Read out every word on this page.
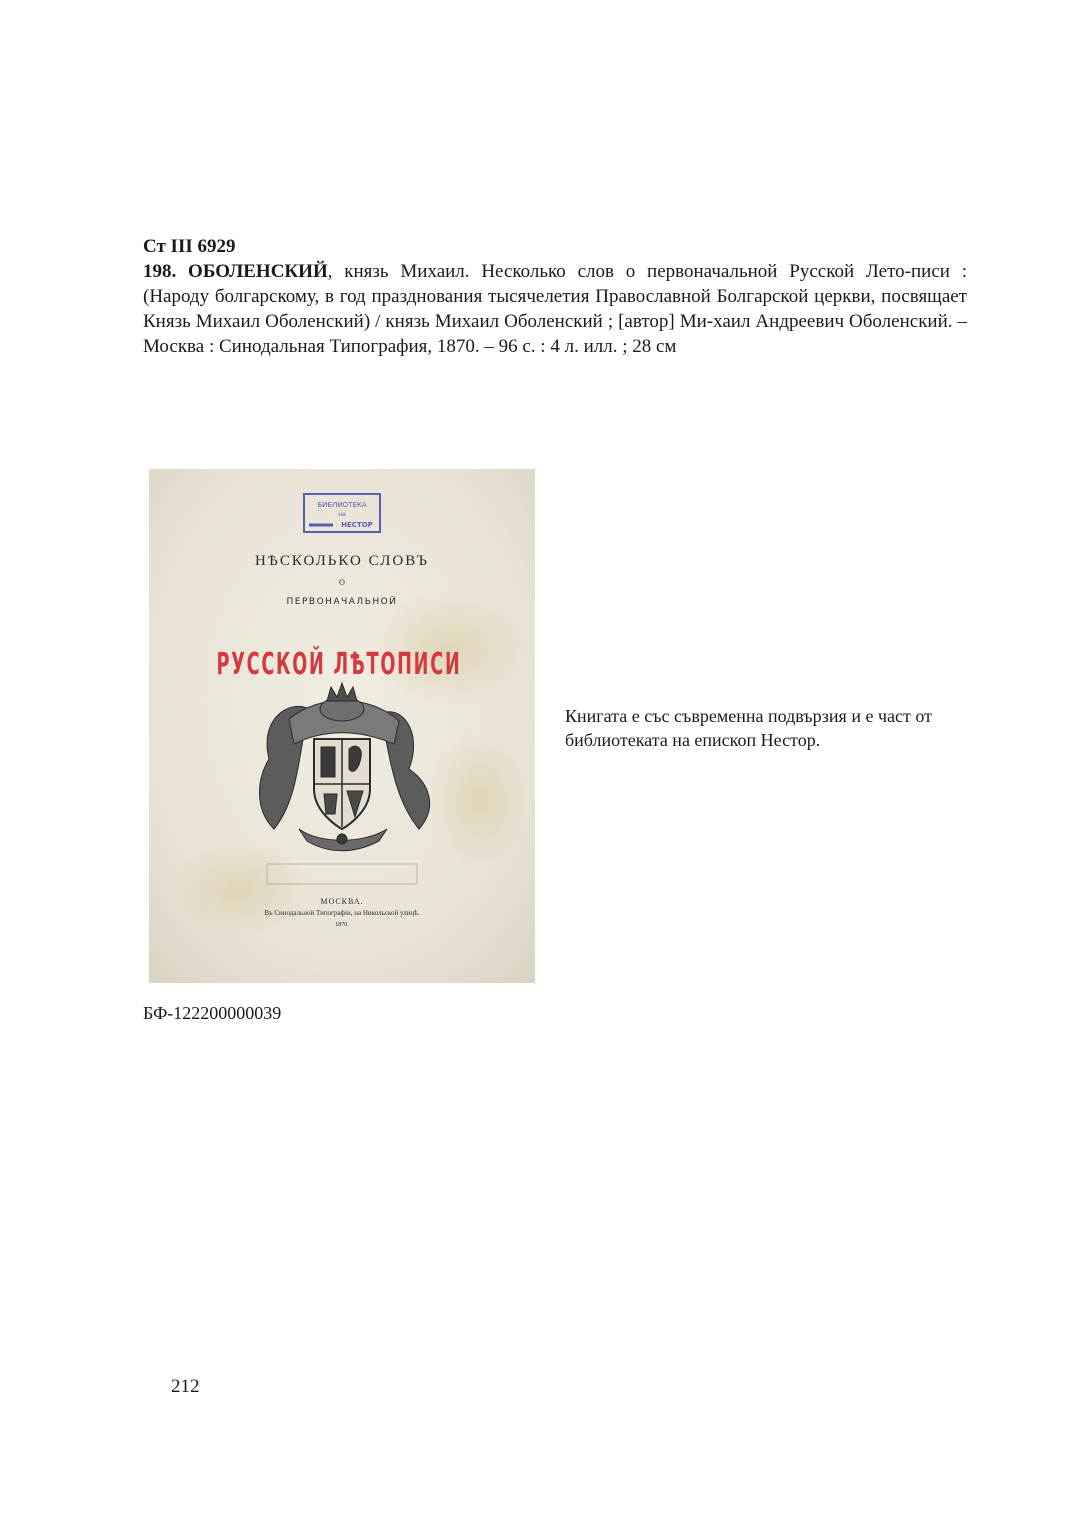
Ст III 6929

198. ОБОЛЕНСКИЙ, князь Михаил. Несколько слов о первоначальной Русской Лето-писи : (Народу болгарскому, в год празднования тысячелетия Православной Болгарской церкви, посвящает Князь Михаил Оболенский) / князь Михаил Оболенский ; [автор] Ми-хаил Андреевич Оболенский. – Москва : Синодальная Типография, 1870. – 96 с. : 4 л. илл. ; 28 см

БИБЛИОТЕКА
на
НЕСТОР
НѢСКОЛЬКО СЛОВЪ
О
ПЕРВОНАЧАЛЬНОЙ
РУССКОЙ ЛѢТОПИСИ
МОСКВА.
Въ Синодальной Типографіи, на Никольской улицѣ.
1870.

Книгата е със съвременна подвързия и е част от библиотеката на епископ Нестор.

БФ-122200000039
212
